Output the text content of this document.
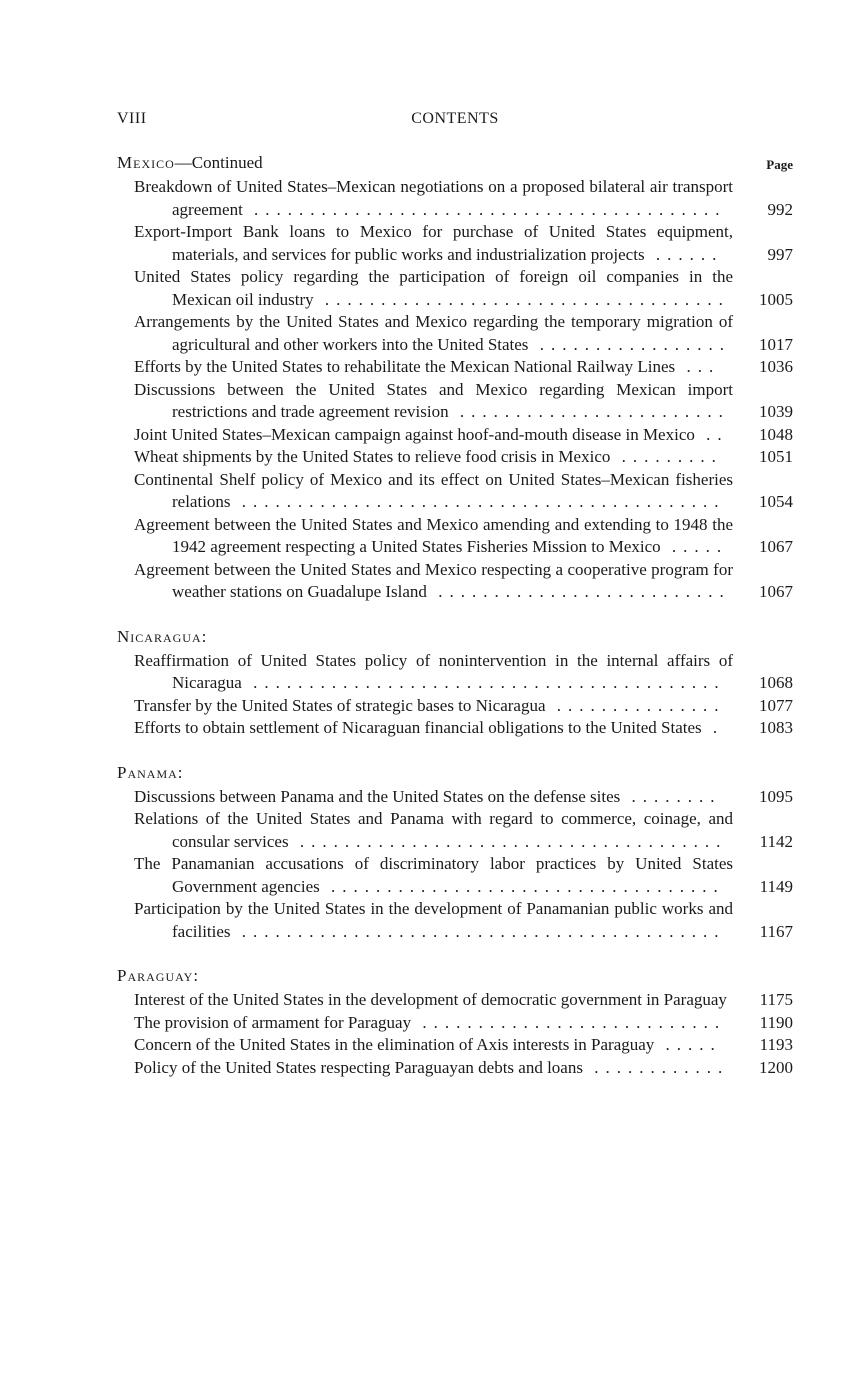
VIII	CONTENTS
Mexico—Continued	Page
Breakdown of United States–Mexican negotiations on a proposed bilateral air transport agreement ..........................................	992
Export-Import Bank loans to Mexico for purchase of United States equipment, materials, and services for public works and industrialization projects ......	997
United States policy regarding the participation of foreign oil companies in the Mexican oil industry ....................................	1005
Arrangements by the United States and Mexico regarding the temporary migration of agricultural and other workers into the United States .................	1017
Efforts by the United States to rehabilitate the Mexican National Railway Lines ...	1036
Discussions between the United States and Mexico regarding Mexican import restrictions and trade agreement revision ........................	1039
Joint United States–Mexican campaign against hoof-and-mouth disease in Mexico ..	1048
Wheat shipments by the United States to relieve food crisis in Mexico .........	1051
Continental Shelf policy of Mexico and its effect on United States–Mexican fisheries relations ...........................................	1054
Agreement between the United States and Mexico amending and extending to 1948 the 1942 agreement respecting a United States Fisheries Mission to Mexico .....	1067
Agreement between the United States and Mexico respecting a cooperative program for weather stations on Guadalupe Island ..........................	1067
Nicaragua:
Reaffirmation of United States policy of nonintervention in the internal affairs of Nicaragua ..........................................	1068
Transfer by the United States of strategic bases to Nicaragua ...............	1077
Efforts to obtain settlement of Nicaraguan financial obligations to the United States .	1083
Panama:
Discussions between Panama and the United States on the defense sites ........	1095
Relations of the United States and Panama with regard to commerce, coinage, and consular services ......................................	1142
The Panamanian accusations of discriminatory labor practices by United States Government agencies ...................................	1149
Participation by the United States in the development of Panamanian public works and facilities ...........................................	1167
Paraguay:
Interest of the United States in the development of democratic government in Paraguay	1175
The provision of armament for Paraguay ...........................	1190
Concern of the United States in the elimination of Axis interests in Paraguay .....	1193
Policy of the United States respecting Paraguayan debts and loans ............	1200
